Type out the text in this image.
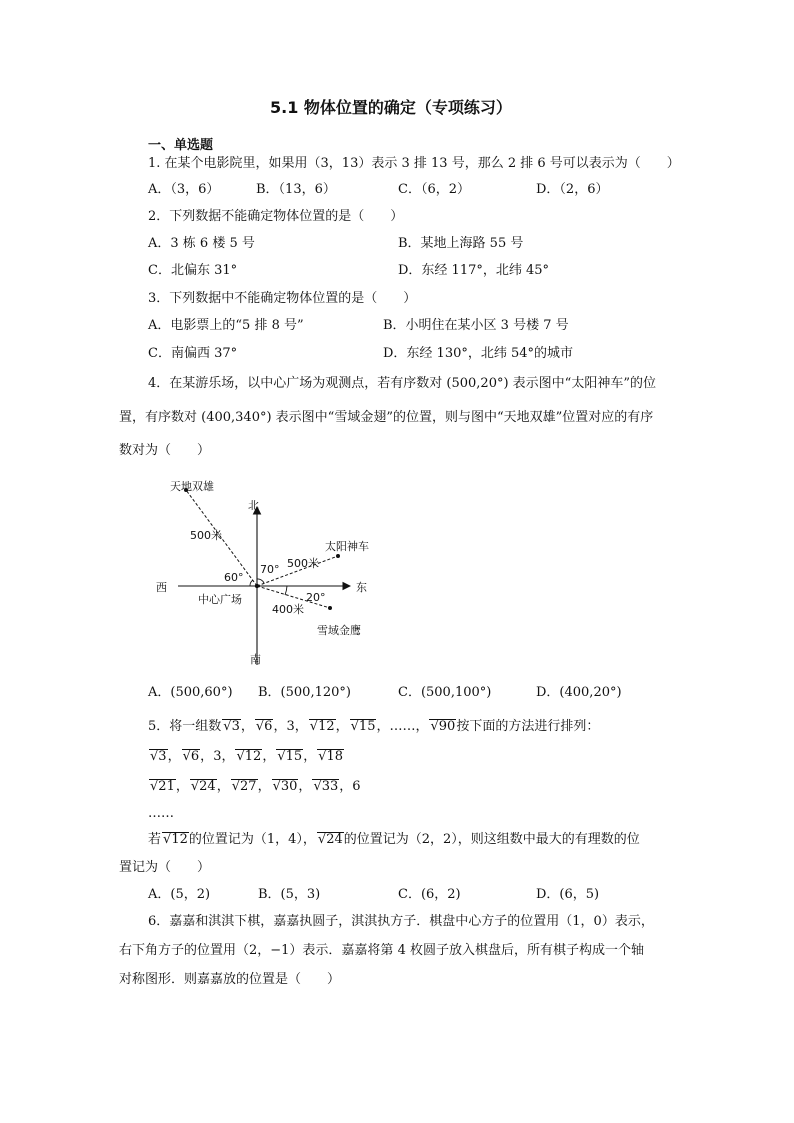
5.1 物体位置的确定（专项练习）
一、单选题
1. 在某个电影院里，如果用（3，13）表示 3 排 13 号，那么 2 排 6 号可以表示为（　　）
A．（3，6）	B．（13，6）	C．（6，2）	D．（2，6）
2．下列数据不能确定物体位置的是（　　）
A．3 栋 6 楼 5 号	B．某地上海路 55 号
C．北偏东 31°	D．东经 117°，北纬 45°
3．下列数据中不能确定物体位置的是（　　）
A．电影票上的“5 排 8 号”	B．小明住在某小区 3 号楼 7 号
C．南偏西 37°	D．东经 130°，北纬 54°的城市
4．在某游乐场，以中心广场为观测点，若有序数对 (500,20°) 表示图中“太阳神车”的位
置，有序数对 (400,340°) 表示图中“雪域金翅”的位置，则与图中“天地双雄”位置对应的有序
数对为（　　）
天地双雄
北
500米
太阳神车
500米
70°
60°
西	东
中心广场	20°
400米
雪域金鹰
南
A．(500,60°) B．(500,120°)	C．(500,100°)	D．(400,20°)
5．将一组数 √ 3， √ 6，3， √ 12， √ 15，……， √ 90按下面的方法进行排列：
√ 3， √ 6，3， √ 12， √ 15， √ 18
√ 21， √ 24， √ 27， √ 30， √ 33，6
……
若 √ 12的位置记为（1，4）， √ 24的位置记为（2，2），则这组数中最大的有理数的位
置记为（　　）
A．(5，2)	B．(5，3)	C．(6，2)	D．(6，5)
6．嘉嘉和淇淇下棋，嘉嘉执圆子，淇淇执方子．棋盘中心方子的位置用（1，0）表示，
右下角方子的位置用（2，−1）表示．嘉嘉将第 4 枚圆子放入棋盘后，所有棋子构成一个轴
对称图形．则嘉嘉放的位置是（　　）
